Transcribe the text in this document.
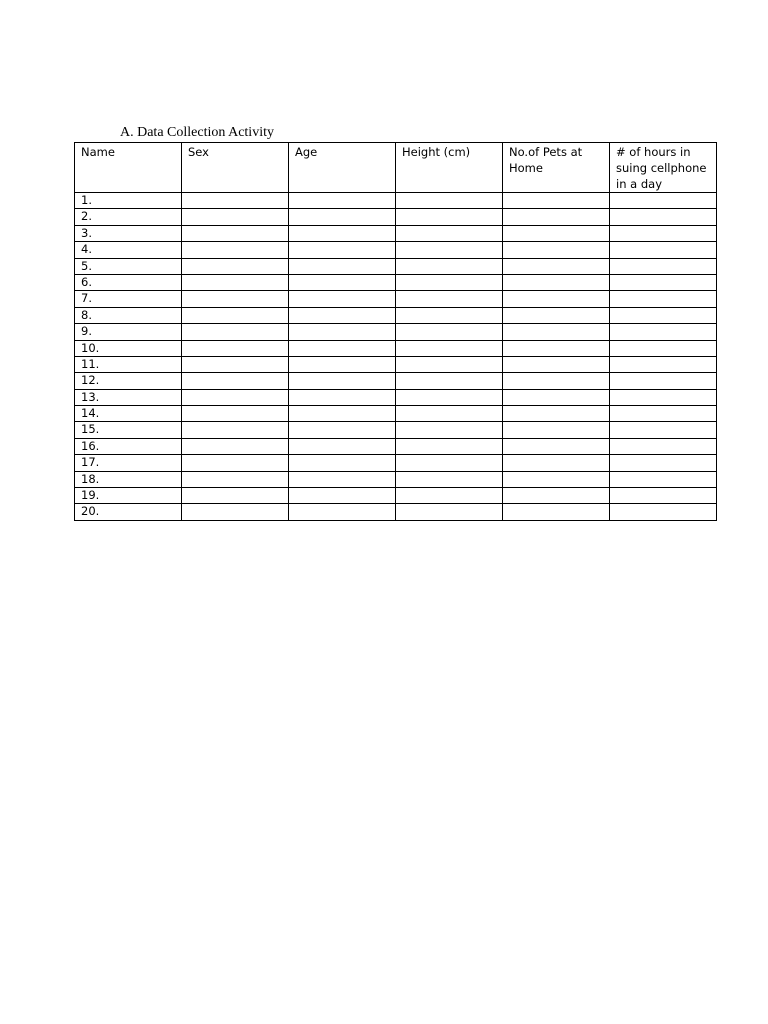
A. Data Collection Activity
Name	Sex	Age	Height (cm)	No.of Pets at Home	# of hours in suing cellphone in a day
1.					
2.					
3.					
4.					
5.					
6.					
7.					
8.					
9.					
10.					
11.					
12.					
13.					
14.					
15.					
16.					
17.					
18.					
19.					
20.					
